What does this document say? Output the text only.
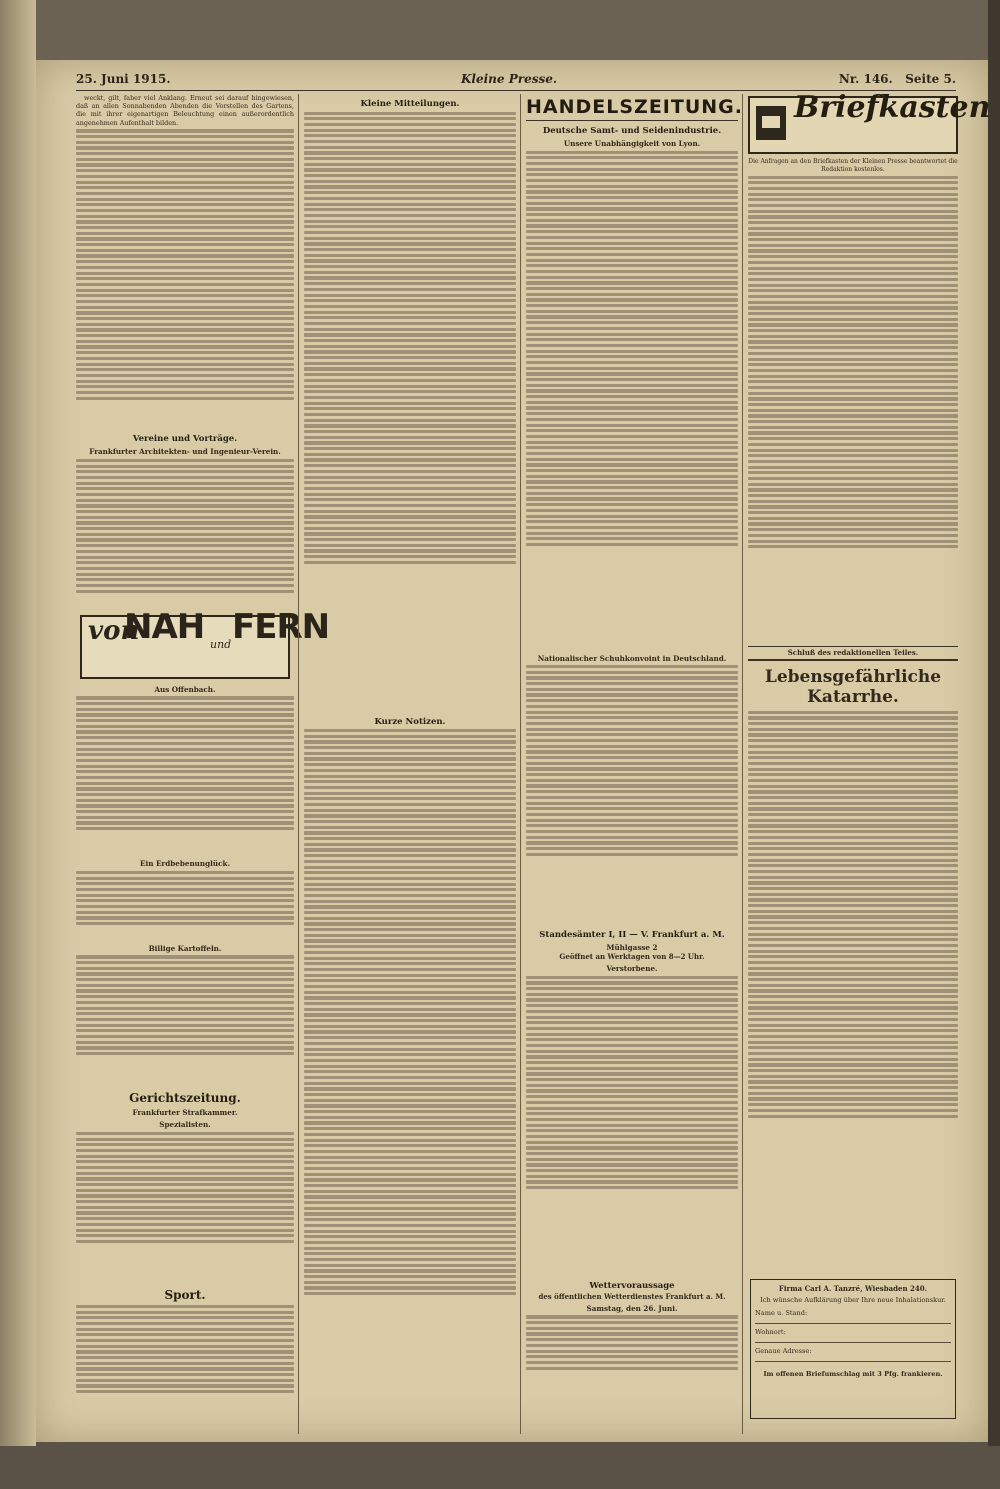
25. Juni 1915.	Kleine Presse.	Nr. 146. Seite 5.

weckt, gilt, faber viel Anklang. Erneut sei darauf hingewiesen, daß an allen Sonnabenden Abenden die Vorstellen des Gartens, die mit ihrer eigenartigen Beleuchtung einen außerordentlich angenehmen Aufenthalt bilden.

Vereine und Vorträge.
Frankfurter Architekten- und Ingenieur-Verein.
von
NAH und FERN
Aus Offenbach.
Ein Erdbebenunglück.
Billige Kartoffeln.
Gerichtszeitung.
Frankfurter Strafkammer.
Spezialisten.
Sport.
Kleine Mitteilungen.
Kurze Notizen.
HANDELSZEITUNG.
Deutsche Samt- und Seidenindustrie.
Unsere Unabhängigkeit von Lyon.
Nationalischer Schuhkonvoint in Deutschland.
Standesämter I, II — V. Frankfurt a. M.
Mühlgasse 2
Geöffnet an Werktagen von 8—2 Uhr.
Verstorbene.
Wettervoraussage
des öffentlichen Wetterdienstes Frankfurt a. M.
Samstag, den 26. Juni.
Briefkasten
Die Anfragen an den Briefkasten der Kleinen Presse beantwortet die Redaktion kostenlos.
Schluß des redaktionellen Teiles.
Lebensgefährliche Katarrhe.
Firma Carl A. Tanzré, Wiesbaden 240.
Ich wünsche Aufklärung über Ihre neue Inhalationskur.
Name u. Stand:
Wohnort:
Genaue Adresse:
Im offenen Briefumschlag mit 3 Pfg. frankieren.
